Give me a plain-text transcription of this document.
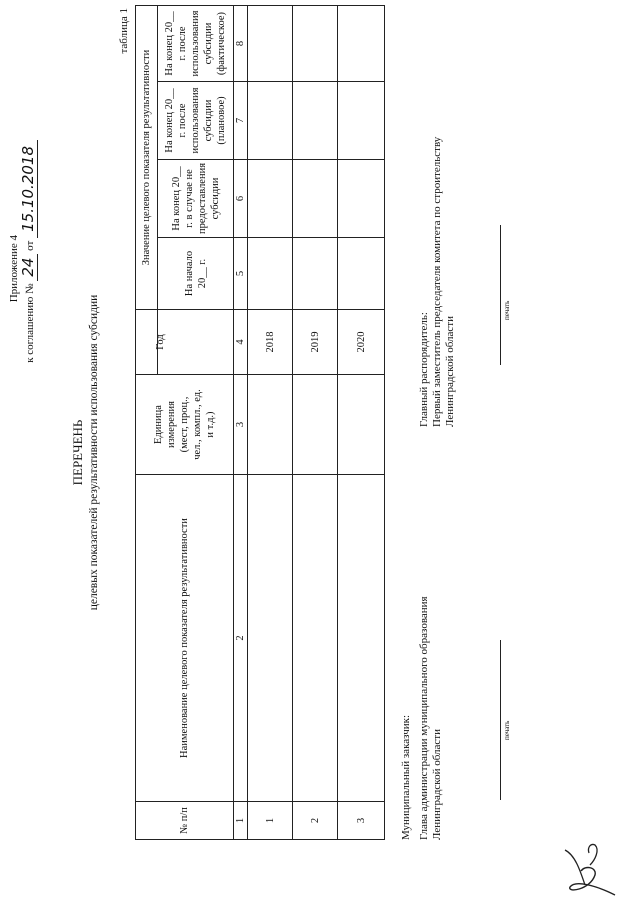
Приложение 4
к соглашению № 24 от 15.10.2018
ПЕРЕЧЕНЬ целевых показателей результативности использования субсидии
таблица 1
№ п/п
Наименование целевого показателя результативности
Единица измерения (мест, проц., чел., компл., ед. и т.д.)
Год
Значение целевого показателя результативности
На начало 20__ г.
На конец 20__ г. в случае не предоставления субсидии
На конец 20__ г. после использования субсидии (плановое)
На конец 20__ г. после использования субсидии (фактическое)
1
2
3
4
5
6
7
8
1
2018
2
2019
3
2020
Муниципальный заказчик: Глава администрации муниципального образования Ленинградской области	печать
Главный распорядитель: Первый заместитель председателя комитета по строительству Ленинградской области
печать
